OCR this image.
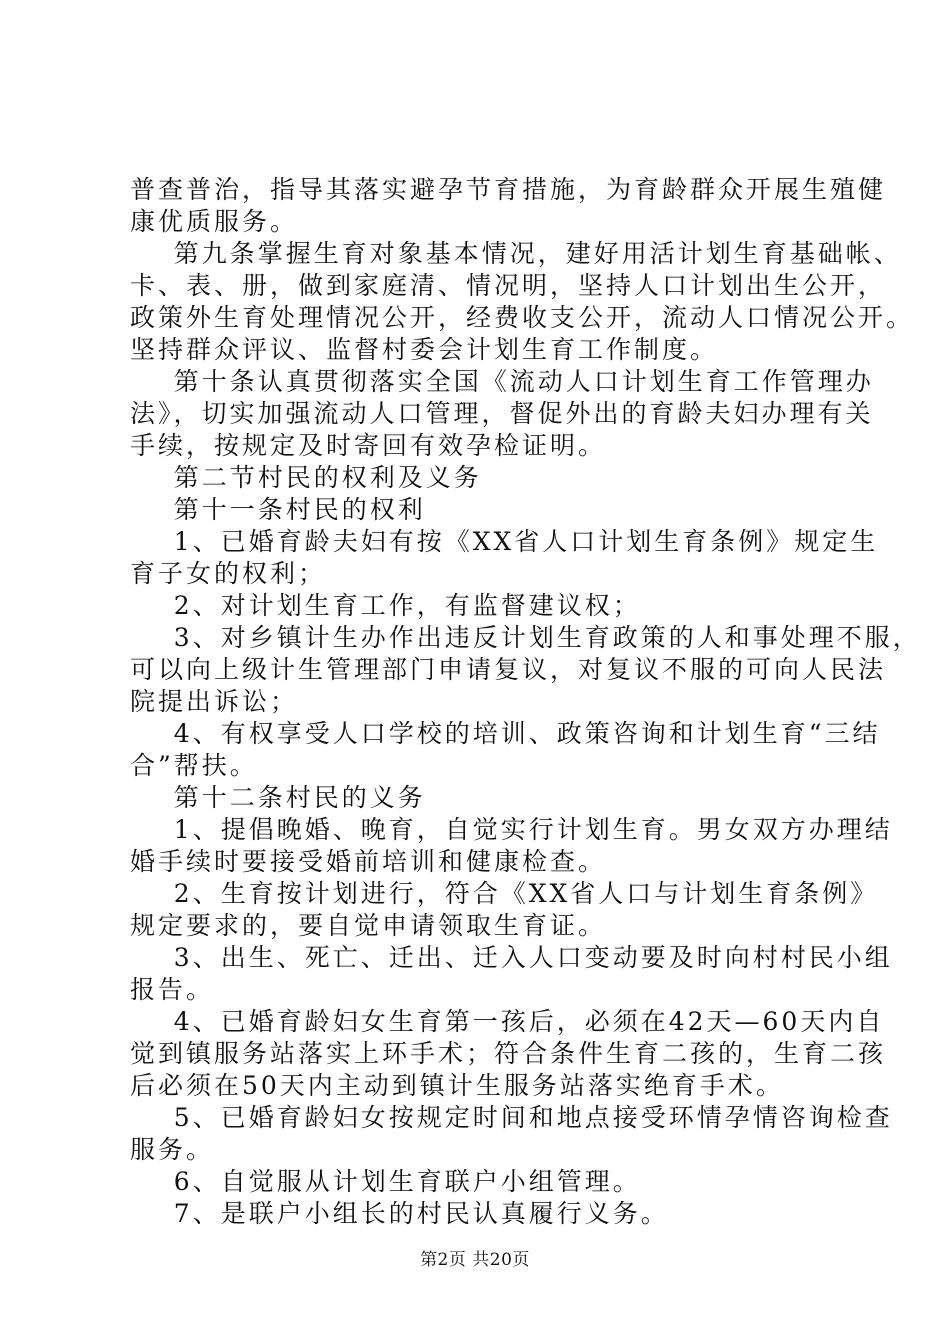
普查普治，指导其落实避孕节育措施，为育龄群众开展生殖健
康优质服务。
第九条掌握生育对象基本情况，建好用活计划生育基础帐、
卡、表、册，做到家庭清、情况明，坚持人口计划出生公开，
政策外生育处理情况公开，经费收支公开，流动人口情况公开。
坚持群众评议、监督村委会计划生育工作制度。
第十条认真贯彻落实全国《流动人口计划生育工作管理办
法》，切实加强流动人口管理，督促外出的育龄夫妇办理有关
手续，按规定及时寄回有效孕检证明。
第二节村民的权利及义务
第十一条村民的权利
1、已婚育龄夫妇有按《XX省人口计划生育条例》规定生
育子女的权利；
2、对计划生育工作，有监督建议权；
3、对乡镇计生办作出违反计划生育政策的人和事处理不服，
可以向上级计生管理部门申请复议，对复议不服的可向人民法
院提出诉讼；
4、有权享受人口学校的培训、政策咨询和计划生育“三结
合”帮扶。
第十二条村民的义务
1、提倡晚婚、晚育，自觉实行计划生育。男女双方办理结
婚手续时要接受婚前培训和健康检查。
2、生育按计划进行，符合《XX省人口与计划生育条例》
规定要求的，要自觉申请领取生育证。
3、出生、死亡、迁出、迁入人口变动要及时向村村民小组
报告。
4、已婚育龄妇女生育第一孩后，必须在42天—60天内自
觉到镇服务站落实上环手术；符合条件生育二孩的，生育二孩
后必须在50天内主动到镇计生服务站落实绝育手术。
5、已婚育龄妇女按规定时间和地点接受环情孕情咨询检查
服务。
6、自觉服从计划生育联户小组管理。
7、是联户小组长的村民认真履行义务。
第2页 共20页
